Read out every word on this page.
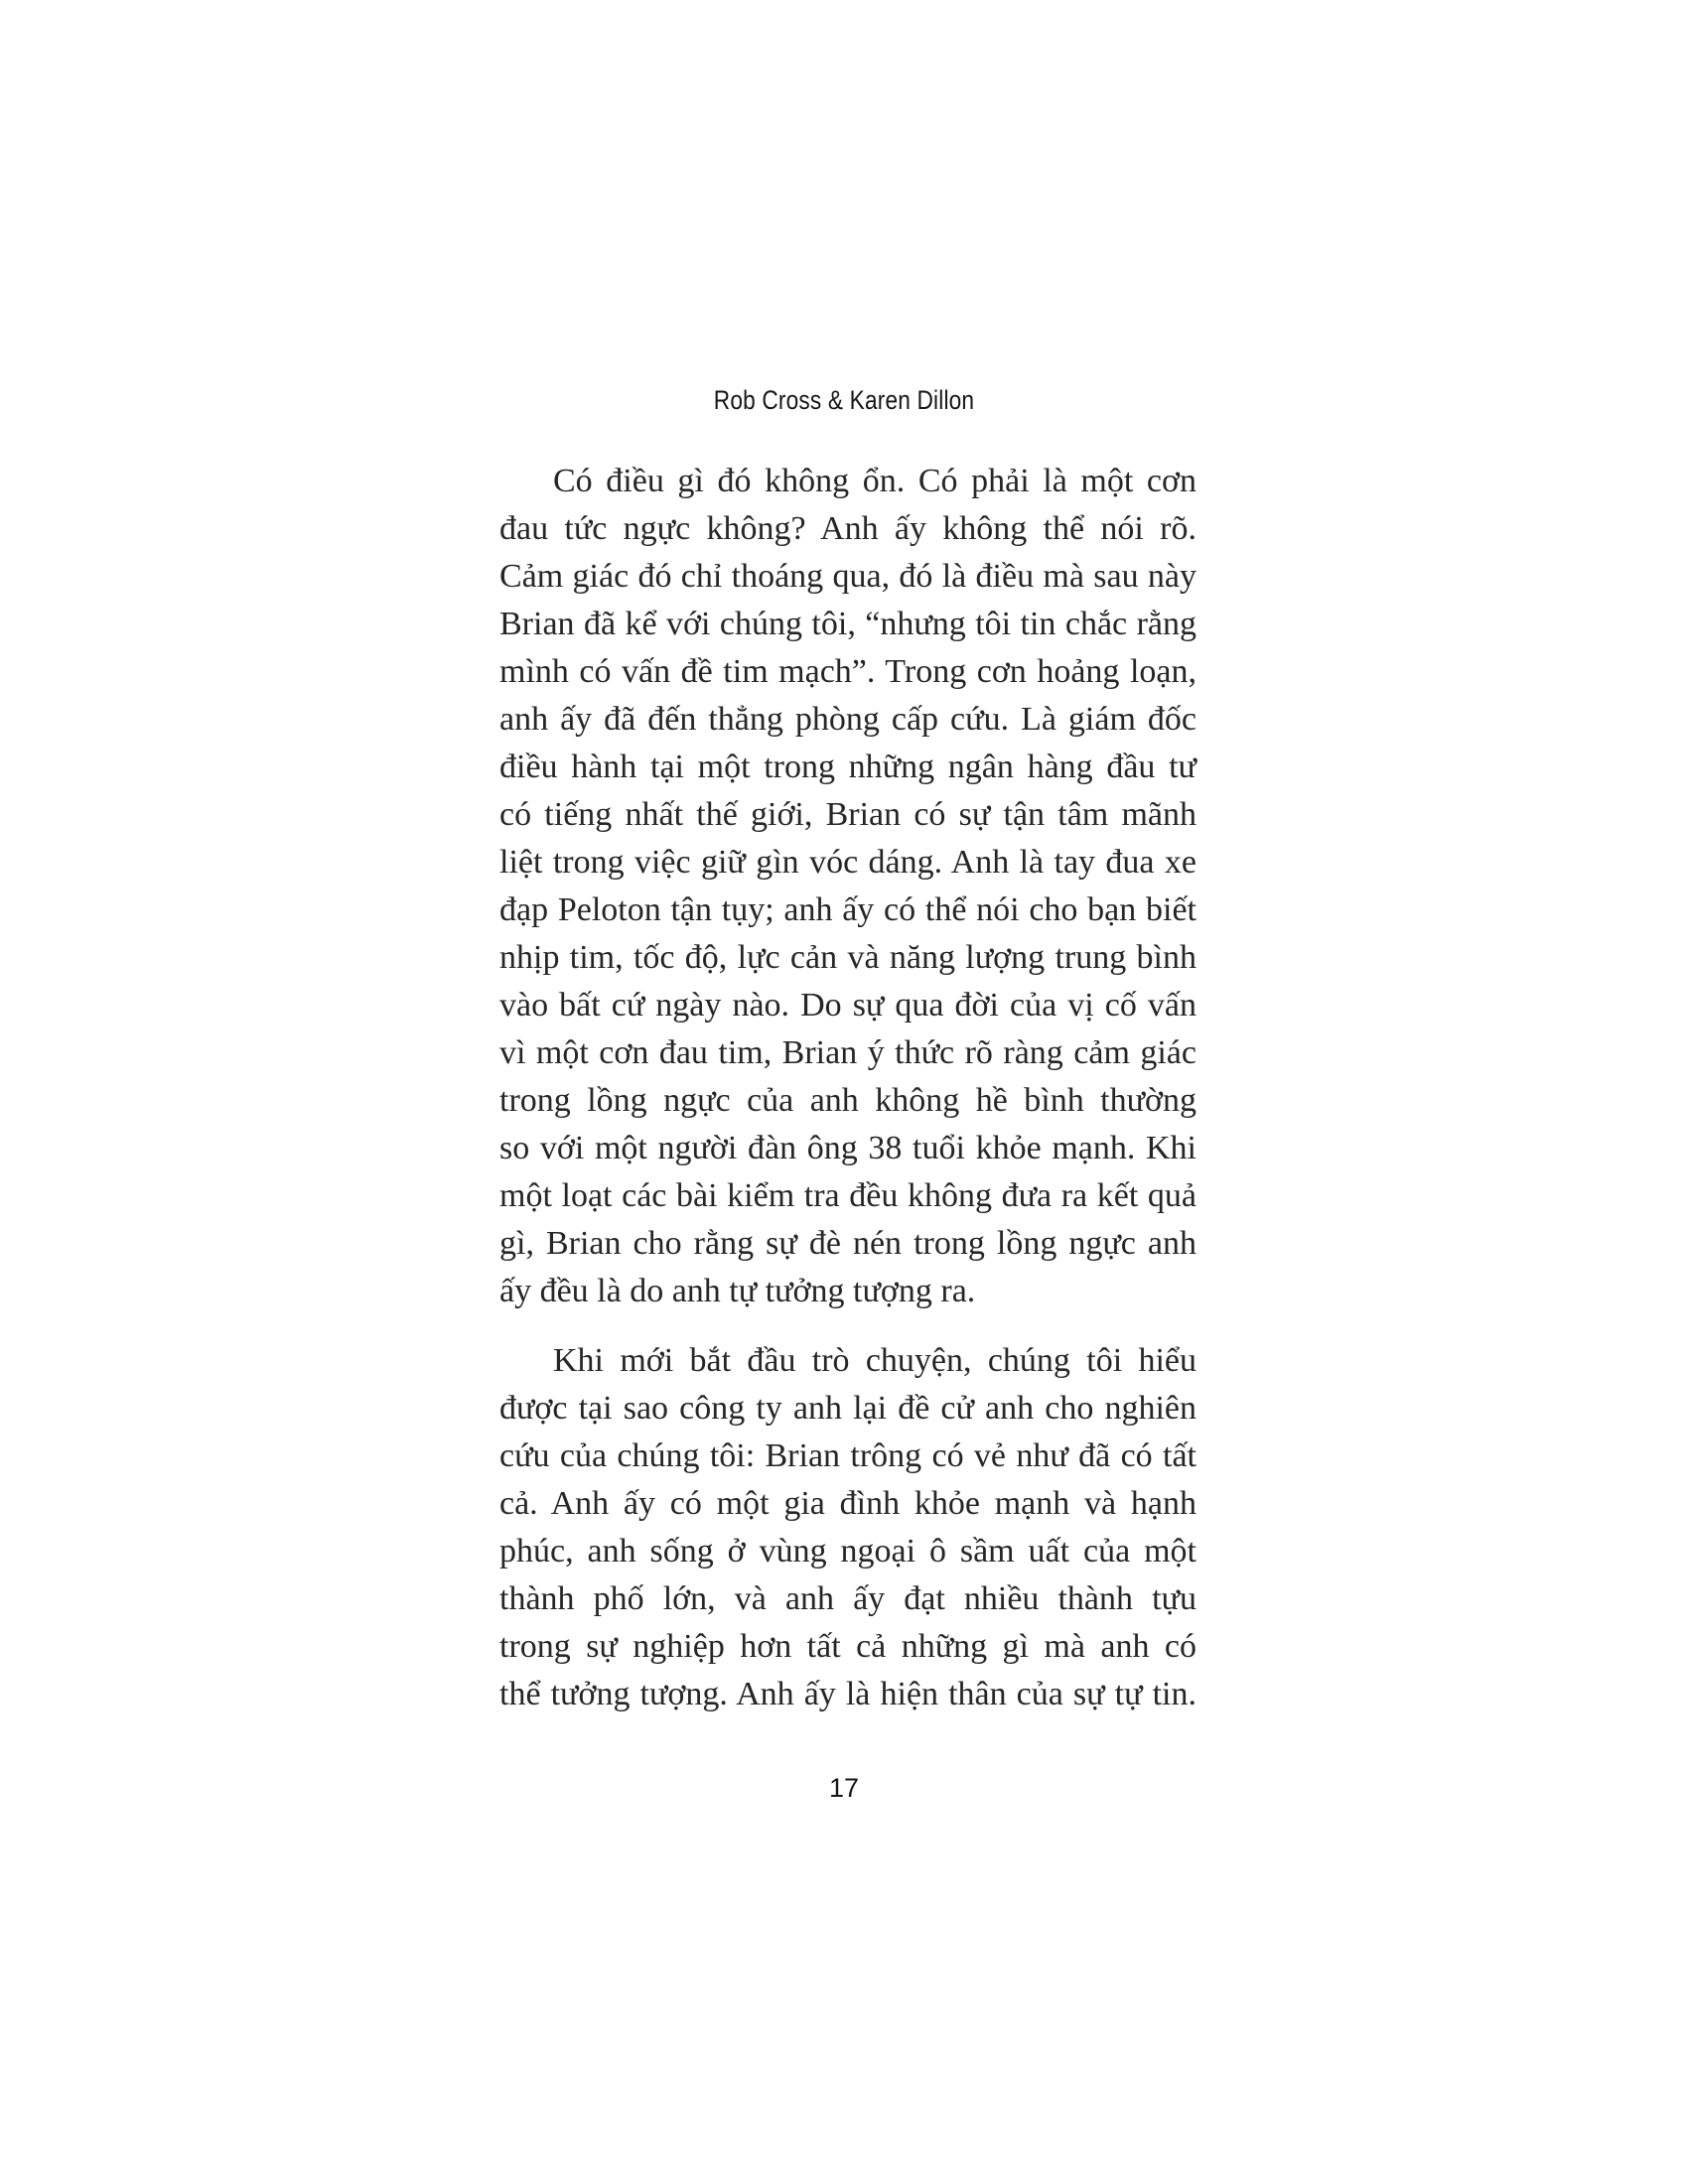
Rob Cross & Karen Dillon
Có điều gì đó không ổn. Có phải là một cơn
đau tức ngực không? Anh ấy không thể nói rõ.
Cảm giác đó chỉ thoáng qua, đó là điều mà sau này
Brian đã kể với chúng tôi, “nhưng tôi tin chắc rằng
mình có vấn đề tim mạch”. Trong cơn hoảng loạn,
anh ấy đã đến thẳng phòng cấp cứu. Là giám đốc
điều hành tại một trong những ngân hàng đầu tư
có tiếng nhất thế giới, Brian có sự tận tâm mãnh
liệt trong việc giữ gìn vóc dáng. Anh là tay đua xe
đạp Peloton tận tụy; anh ấy có thể nói cho bạn biết
nhịp tim, tốc độ, lực cản và năng lượng trung bình
vào bất cứ ngày nào. Do sự qua đời của vị cố vấn
vì một cơn đau tim, Brian ý thức rõ ràng cảm giác
trong lồng ngực của anh không hề bình thường
so với một người đàn ông 38 tuổi khỏe mạnh. Khi
một loạt các bài kiểm tra đều không đưa ra kết quả
gì, Brian cho rằng sự đè nén trong lồng ngực anh
ấy đều là do anh tự tưởng tượng ra.
Khi mới bắt đầu trò chuyện, chúng tôi hiểu
được tại sao công ty anh lại đề cử anh cho nghiên
cứu của chúng tôi: Brian trông có vẻ như đã có tất
cả. Anh ấy có một gia đình khỏe mạnh và hạnh
phúc, anh sống ở vùng ngoại ô sầm uất của một
thành phố lớn, và anh ấy đạt nhiều thành tựu
trong sự nghiệp hơn tất cả những gì mà anh có
thể tưởng tượng. Anh ấy là hiện thân của sự tự tin.
17
